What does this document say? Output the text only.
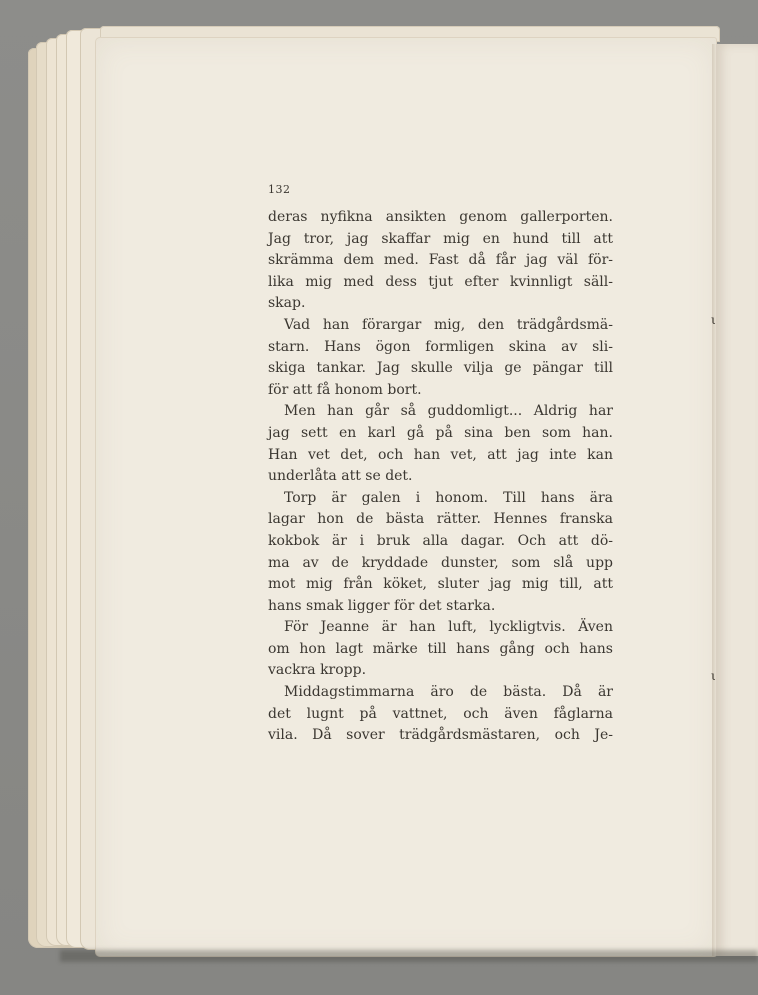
ι
ι
132
deras nyfikna ansikten genom gallerporten.
Jag tror, jag skaffar mig en hund till att
skrämma dem med. Fast då får jag väl för-
lika mig med dess tjut efter kvinnligt säll-
skap.
Vad han förargar mig, den trädgårdsmä-
starn. Hans ögon formligen skina av sli-
skiga tankar. Jag skulle vilja ge pängar till
för att få honom bort.
Men han går så guddomligt... Aldrig har
jag sett en karl gå på sina ben som han.
Han vet det, och han vet, att jag inte kan
underlåta att se det.
Torp är galen i honom. Till hans ära
lagar hon de bästa rätter. Hennes franska
kokbok är i bruk alla dagar. Och att dö-
ma av de kryddade dunster, som slå upp
mot mig från köket, sluter jag mig till, att
hans smak ligger för det starka.
För Jeanne är han luft, lyckligtvis. Även
om hon lagt märke till hans gång och hans
vackra kropp.
Middagstimmarna äro de bästa. Då är
det lugnt på vattnet, och även fåglarna
vila. Då sover trädgårdsmästaren, och Je-
